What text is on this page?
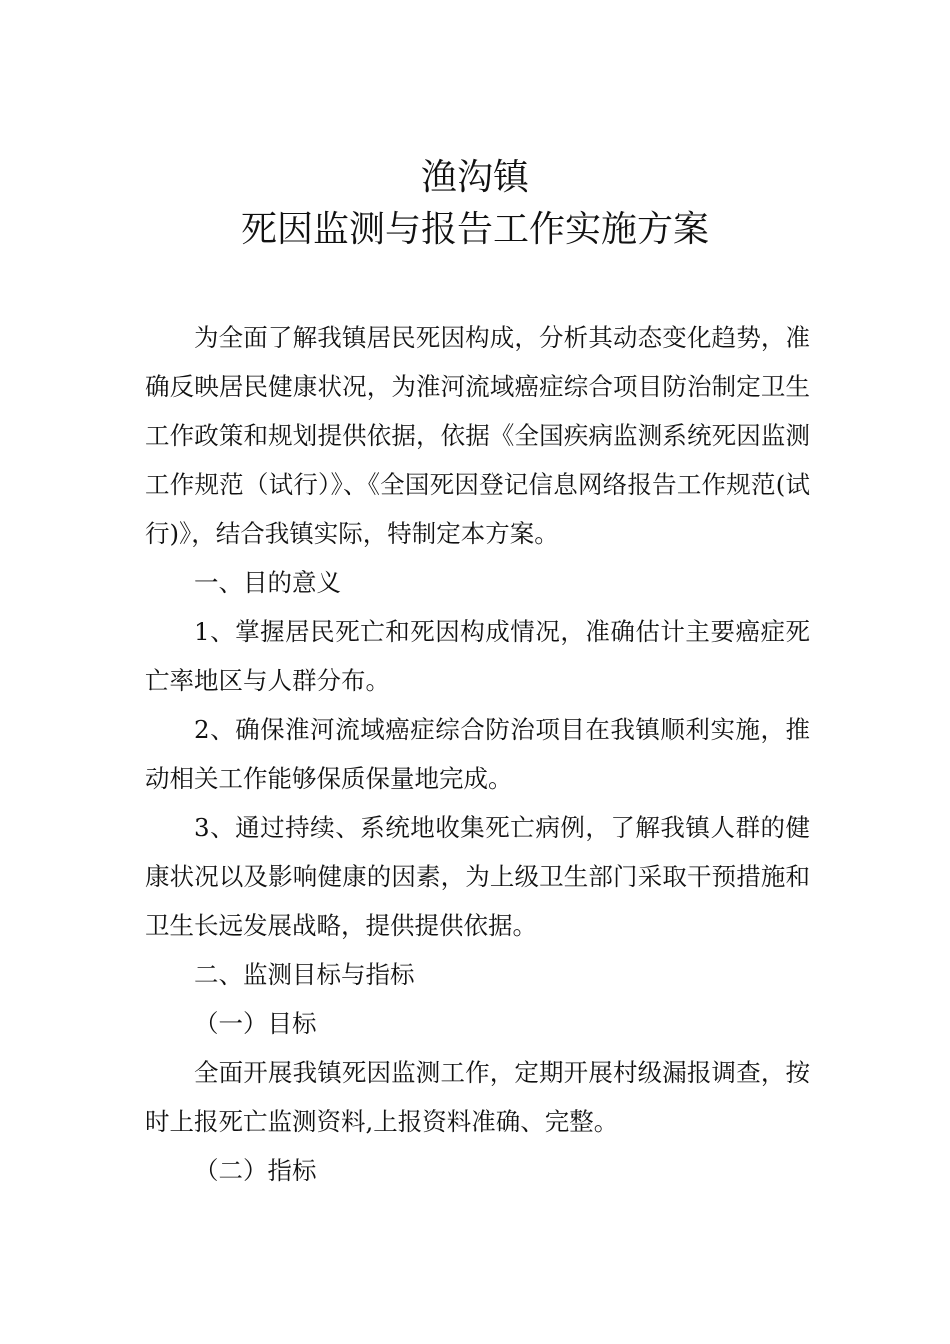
渔沟镇
死因监测与报告工作实施方案

为全面了解我镇居民死因构成，分析其动态变化趋势，准确反映居民健康状况，为淮河流域癌症综合项目防治制定卫生工作政策和规划提供依据，依据《全国疾病监测系统死因监测工作规范（试行）》、《全国死因登记信息网络报告工作规范(试行)》，结合我镇实际，特制定本方案。

一、目的意义

1、掌握居民死亡和死因构成情况，准确估计主要癌症死亡率地区与人群分布。

2、确保淮河流域癌症综合防治项目在我镇顺利实施，推动相关工作能够保质保量地完成。

3、通过持续、系统地收集死亡病例，了解我镇人群的健康状况以及影响健康的因素，为上级卫生部门采取干预措施和卫生长远发展战略，提供提供依据。

二、监测目标与指标

（一）目标

全面开展我镇死因监测工作，定期开展村级漏报调查，按时上报死亡监测资料,上报资料准确、完整。

（二）指标
